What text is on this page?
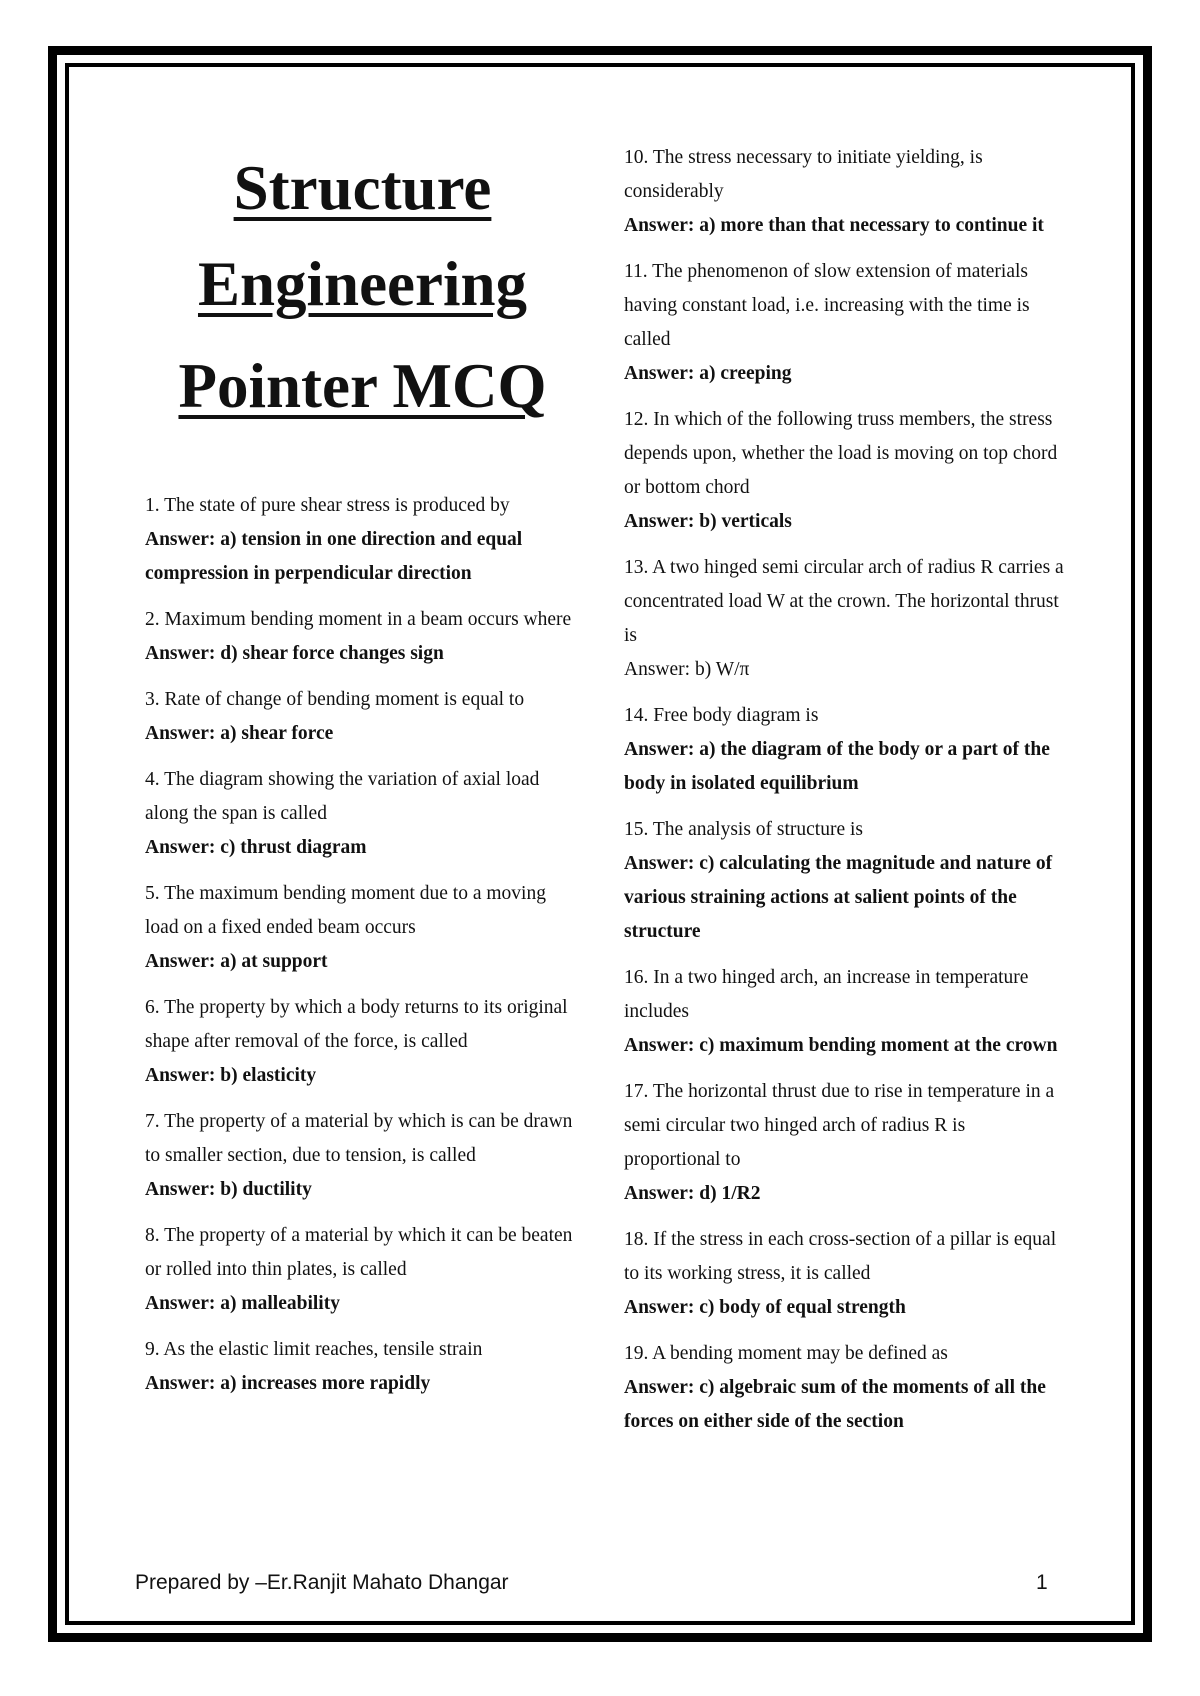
Structure
Engineering
Pointer MCQ

1. The state of pure shear stress is produced by

Answer: a) tension in one direction and equal compression in perpendicular direction

2. Maximum bending moment in a beam occurs where

Answer: d) shear force changes sign

3. Rate of change of bending moment is equal to

Answer: a) shear force

4. The diagram showing the variation of axial load along the span is called

Answer: c) thrust diagram

5. The maximum bending moment due to a moving load on a fixed ended beam occurs

Answer: a) at support

6. The property by which a body returns to its original shape after removal of the force, is called

Answer: b) elasticity

7. The property of a material by which is can be drawn to smaller section, due to tension, is called

Answer: b) ductility

8. The property of a material by which it can be beaten or rolled into thin plates, is called

Answer: a) malleability

9. As the elastic limit reaches, tensile strain

Answer: a) increases more rapidly

10. The stress necessary to initiate yielding, is considerably

Answer: a) more than that necessary to continue it

11. The phenomenon of slow extension of materials having constant load, i.e. increasing with the time is called

Answer: a) creeping

12. In which of the following truss members, the stress depends upon, whether the load is moving on top chord or bottom chord

Answer: b) verticals

13. A two hinged semi circular arch of radius R carries a concentrated load W at the crown. The horizontal thrust is

Answer: b) W/π

14. Free body diagram is

Answer: a) the diagram of the body or a part of the body in isolated equilibrium

15. The analysis of structure is

Answer: c) calculating the magnitude and nature of various straining actions at salient points of the structure

16. In a two hinged arch, an increase in temperature includes

Answer: c) maximum bending moment at the crown

17. The horizontal thrust due to rise in temperature in a semi circular two hinged arch of radius R is proportional to

Answer: d) 1/R2

18. If the stress in each cross-section of a pillar is equal to its working stress, it is called

Answer: c) body of equal strength

19. A bending moment may be defined as

Answer: c) algebraic sum of the moments of all the forces on either side of the section

Prepared by –Er.Ranjit Mahato Dhangar	1
